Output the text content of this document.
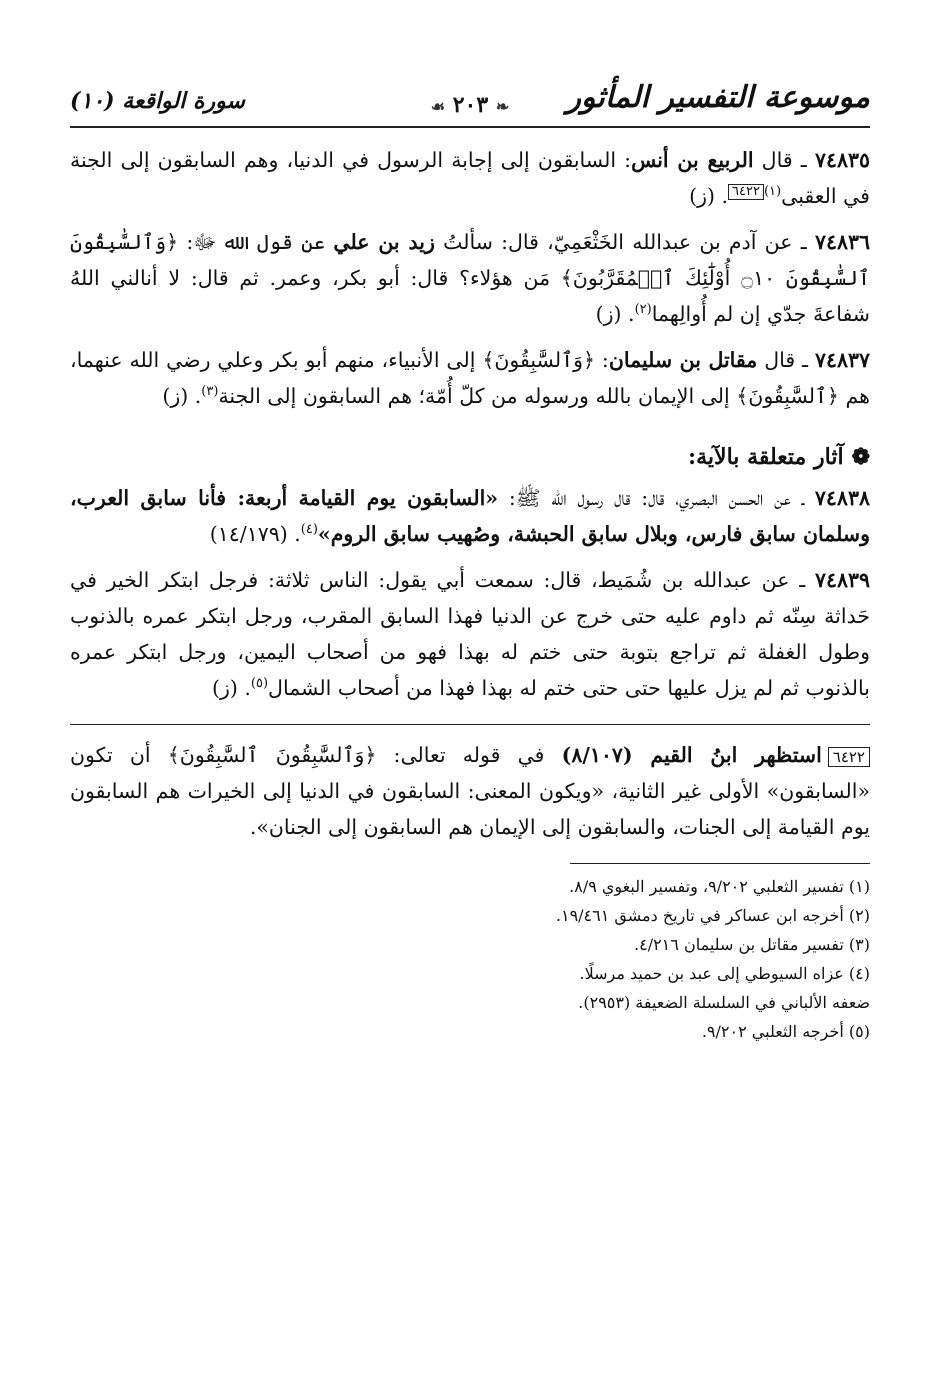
موسوعة التفسير المأثور
❧ ٢٠٣ ☙
سورة الواقعة (١٠)

٧٤٨٣٥ ـ قال الربيع بن أنس: السابقون إلى إجابة الرسول في الدنيا، وهم السابقون إلى الجنة في العقبى$^{(١)}$٦٤٢٢. (ز)

٧٤٨٣٦ ـ عن آدم بن عبدالله الخَثْعَمِيّ، قال: سألتُ زيد بن علي عن قول الله ﷻ: ﴿وَٱلسَّٰبِقُونَ ٱلسَّٰبِقُونَ ۝١٠ أُوْلَٰٓئِكَ ٱلۡمُقَرَّبُونَ﴾ مَن هؤلاء؟ قال: أبو بكر، وعمر. ثم قال: لا أنالني اللهُ شفاعةَ جدّي إن لم أُوالِهما$^{(٢)}$. (ز)

٧٤٨٣٧ ـ قال مقاتل بن سليمان: ﴿وَٱلسَّٰبِقُونَ﴾ إلى الأنبياء، منهم أبو بكر وعلي رضي الله عنهما، هم ﴿ٱلسَّٰبِقُونَ﴾ إلى الإيمان بالله ورسوله من كلّ أُمّة؛ هم السابقون إلى الجنة$^{(٣)}$. (ز)

❁آثار متعلقة بالآية:

٧٤٨٣٨ ـ عن الحسن البصري، قال: قال رسول الله ﷺ: «السابقون يوم القيامة أربعة: فأنا سابق العرب، وسلمان سابق فارس، وبلال سابق الحبشة، وصُهيب سابق الروم»$^{(٤)}$. (١٤/١٧٩)

٧٤٨٣٩ ـ عن عبدالله بن شُمَيط، قال: سمعت أبي يقول: الناس ثلاثة: فرجل ابتكر الخير في حَداثة سِنّه ثم داوم عليه حتى خرج عن الدنيا فهذا السابق المقرب، ورجل ابتكر عمره بالذنوب وطول الغفلة ثم تراجع بتوبة حتى ختم له بهذا فهو من أصحاب اليمين، ورجل ابتكر عمره بالذنوب ثم لم يزل عليها حتى حتى ختم له بهذا فهذا من أصحاب الشمال$^{(٥)}$. (ز)

٦٤٢٢استظهر ابنُ القيم (٨/١٠٧) في قوله تعالى: ﴿وَٱلسَّٰبِقُونَ ٱلسَّٰبِقُونَ﴾ أن تكون «السابقون» الأولى غير الثانية، «ويكون المعنى: السابقون في الدنيا إلى الخيرات هم السابقون يوم القيامة إلى الجنات، والسابقون إلى الإيمان هم السابقون إلى الجنان».

(١) تفسير الثعلبي ٩/٢٠٢، وتفسير البغوي ٨/٩.
(٢) أخرجه ابن عساكر في تاريخ دمشق ١٩/٤٦١.
(٣) تفسير مقاتل بن سليمان ٤/٢١٦.
(٤) عزاه السيوطي إلى عبد بن حميد مرسلًا.
ضعفه الألباني في السلسلة الضعيفة (٢٩٥٣).
(٥) أخرجه الثعلبي ٩/٢٠٢.
